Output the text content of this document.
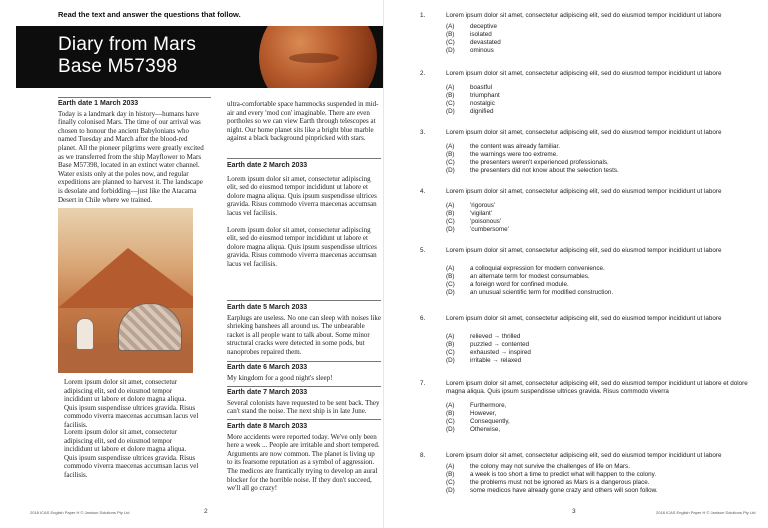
Read the text and answer the questions that follow.
Diary from Mars
Base M57398
Earth date 1 March 2033

Today is a landmark day in history—humans have finally colonised Mars. The time of our arrival was chosen to honour the ancient Babylonians who named Tuesday and March after the blood-red planet. All the pioneer pilgrims were greatly excited as we transferred from the ship Mayflower to Mars Base M57398, located in an extinct water channel. Water exists only at the poles now, and regular expeditions are planned to harvest it. The landscape is desolate and forbidding—just like the Atacama Desert in Chile where we trained.

Lorem ipsum dolor sit amet, consectetur adipiscing elit, sed do eiusmod tempor incididunt ut labore et dolore magna aliqua. Quis ipsum suspendisse ultrices gravida. Risus commodo viverra maecenas accumsan lacus vel facilisis.

Lorem ipsum dolor sit amet, consectetur adipiscing elit, sed do eiusmod tempor incididunt ut labore et dolore magna aliqua. Quis ipsum suspendisse ultrices gravida. Risus commodo viverra maecenas accumsan lacus vel facilisis.

ultra-comfortable space hammocks suspended in mid-air and every 'mod con' imaginable. There are even portholes so we can view Earth through telescopes at night. Our home planet sits like a bright blue marble against a black background pinpricked with stars.

Earth date 2 March 2033

Lorem ipsum dolor sit amet, consectetur adipiscing elit, sed do eiusmod tempor incididunt ut labore et dolore magna aliqua. Quis ipsum suspendisse ultrices gravida. Risus commodo viverra maecenas accumsan lacus vel facilisis.

Lorem ipsum dolor sit amet, consectetur adipiscing elit, sed do eiusmod tempor incididunt ut labore et dolore magna aliqua. Quis ipsum suspendisse ultrices gravida. Risus commodo viverra maecenas accumsan lacus vel facilisis.

Earth date 5 March 2033

Earplugs are useless. No one can sleep with noises like shrieking banshees all around us. The unbearable racket is all people want to talk about. Some minor structural cracks were detected in some pods, but nanoprobes repaired them.

Earth date 6 March 2033

My kingdom for a good night's sleep!

Earth date 7 March 2033

Several colonists have requested to be sent back. They can't stand the noise. The next ship is in late June.

Earth date 8 March 2033

More accidents were reported today. We've only been here a week ... People are irritable and short tempered. Arguments are now common. The planet is living up to its fearsome reputation as a symbol of aggression. The medicos are frantically trying to develop an aural blocker for the horrible noise. If they don't succeed, we'll all go crazy!

2018 ICAS English Paper H © Janison Solutions Pty Ltd	2
1.	Lorem ipsum dolor sit amet, consectetur adipiscing elit, sed do eiusmod tempor incididunt ut labore
(A)	deceptive
(B)	isolated
(C)	devastated
(D)	ominous
2.	Lorem ipsum dolor sit amet, consectetur adipiscing elit, sed do eiusmod tempor incididunt ut labore
(A)	boastful
(B)	triumphant
(C)	nostalgic
(D)	dignified
3.	Lorem ipsum dolor sit amet, consectetur adipiscing elit, sed do eiusmod tempor incididunt ut labore
(A)	the content was already familiar.
(B)	the warnings were too extreme.
(C)	the presenters weren't experienced professionals.
(D)	the presenters did not know about the selection tests.
4.	Lorem ipsum dolor sit amet, consectetur adipiscing elit, sed do eiusmod tempor incididunt ut labore
(A)	'rigorous'
(B)	'vigilant'
(C)	'poisonous'
(D)	'cumbersome'
5.	Lorem ipsum dolor sit amet, consectetur adipiscing elit, sed do eiusmod tempor incididunt ut labore
(A)	a colloquial expression for modern convenience.
(B)	an alternate term for modest consumables.
(C)	a foreign word for confined module.
(D)	an unusual scientific term for modified construction.
6.	Lorem ipsum dolor sit amet, consectetur adipiscing elit, sed do eiusmod tempor incididunt ut labore
(A)	relieved → thrilled
(B)	puzzled → contented
(C)	exhausted → inspired
(D)	irritable → relaxed
7.	Lorem ipsum dolor sit amet, consectetur adipiscing elit, sed do eiusmod tempor incididunt ut labore et dolore magna aliqua. Quis ipsum suspendisse ultrices gravida. Risus commodo viverra
(A)	Furthermore,
(B)	However,
(C)	Consequently,
(D)	Otherwise,
8.	Lorem ipsum dolor sit amet, consectetur adipiscing elit, sed do eiusmod tempor incididunt ut labore
(A)	the colony may not survive the challenges of life on Mars.
(B)	a week is too short a time to predict what will happen to the colony.
(C)	the problems must not be ignored as Mars is a dangerous place.
(D)	some medicos have already gone crazy and others will soon follow.
3	2018 ICAS English Paper H © Janison Solutions Pty Ltd
